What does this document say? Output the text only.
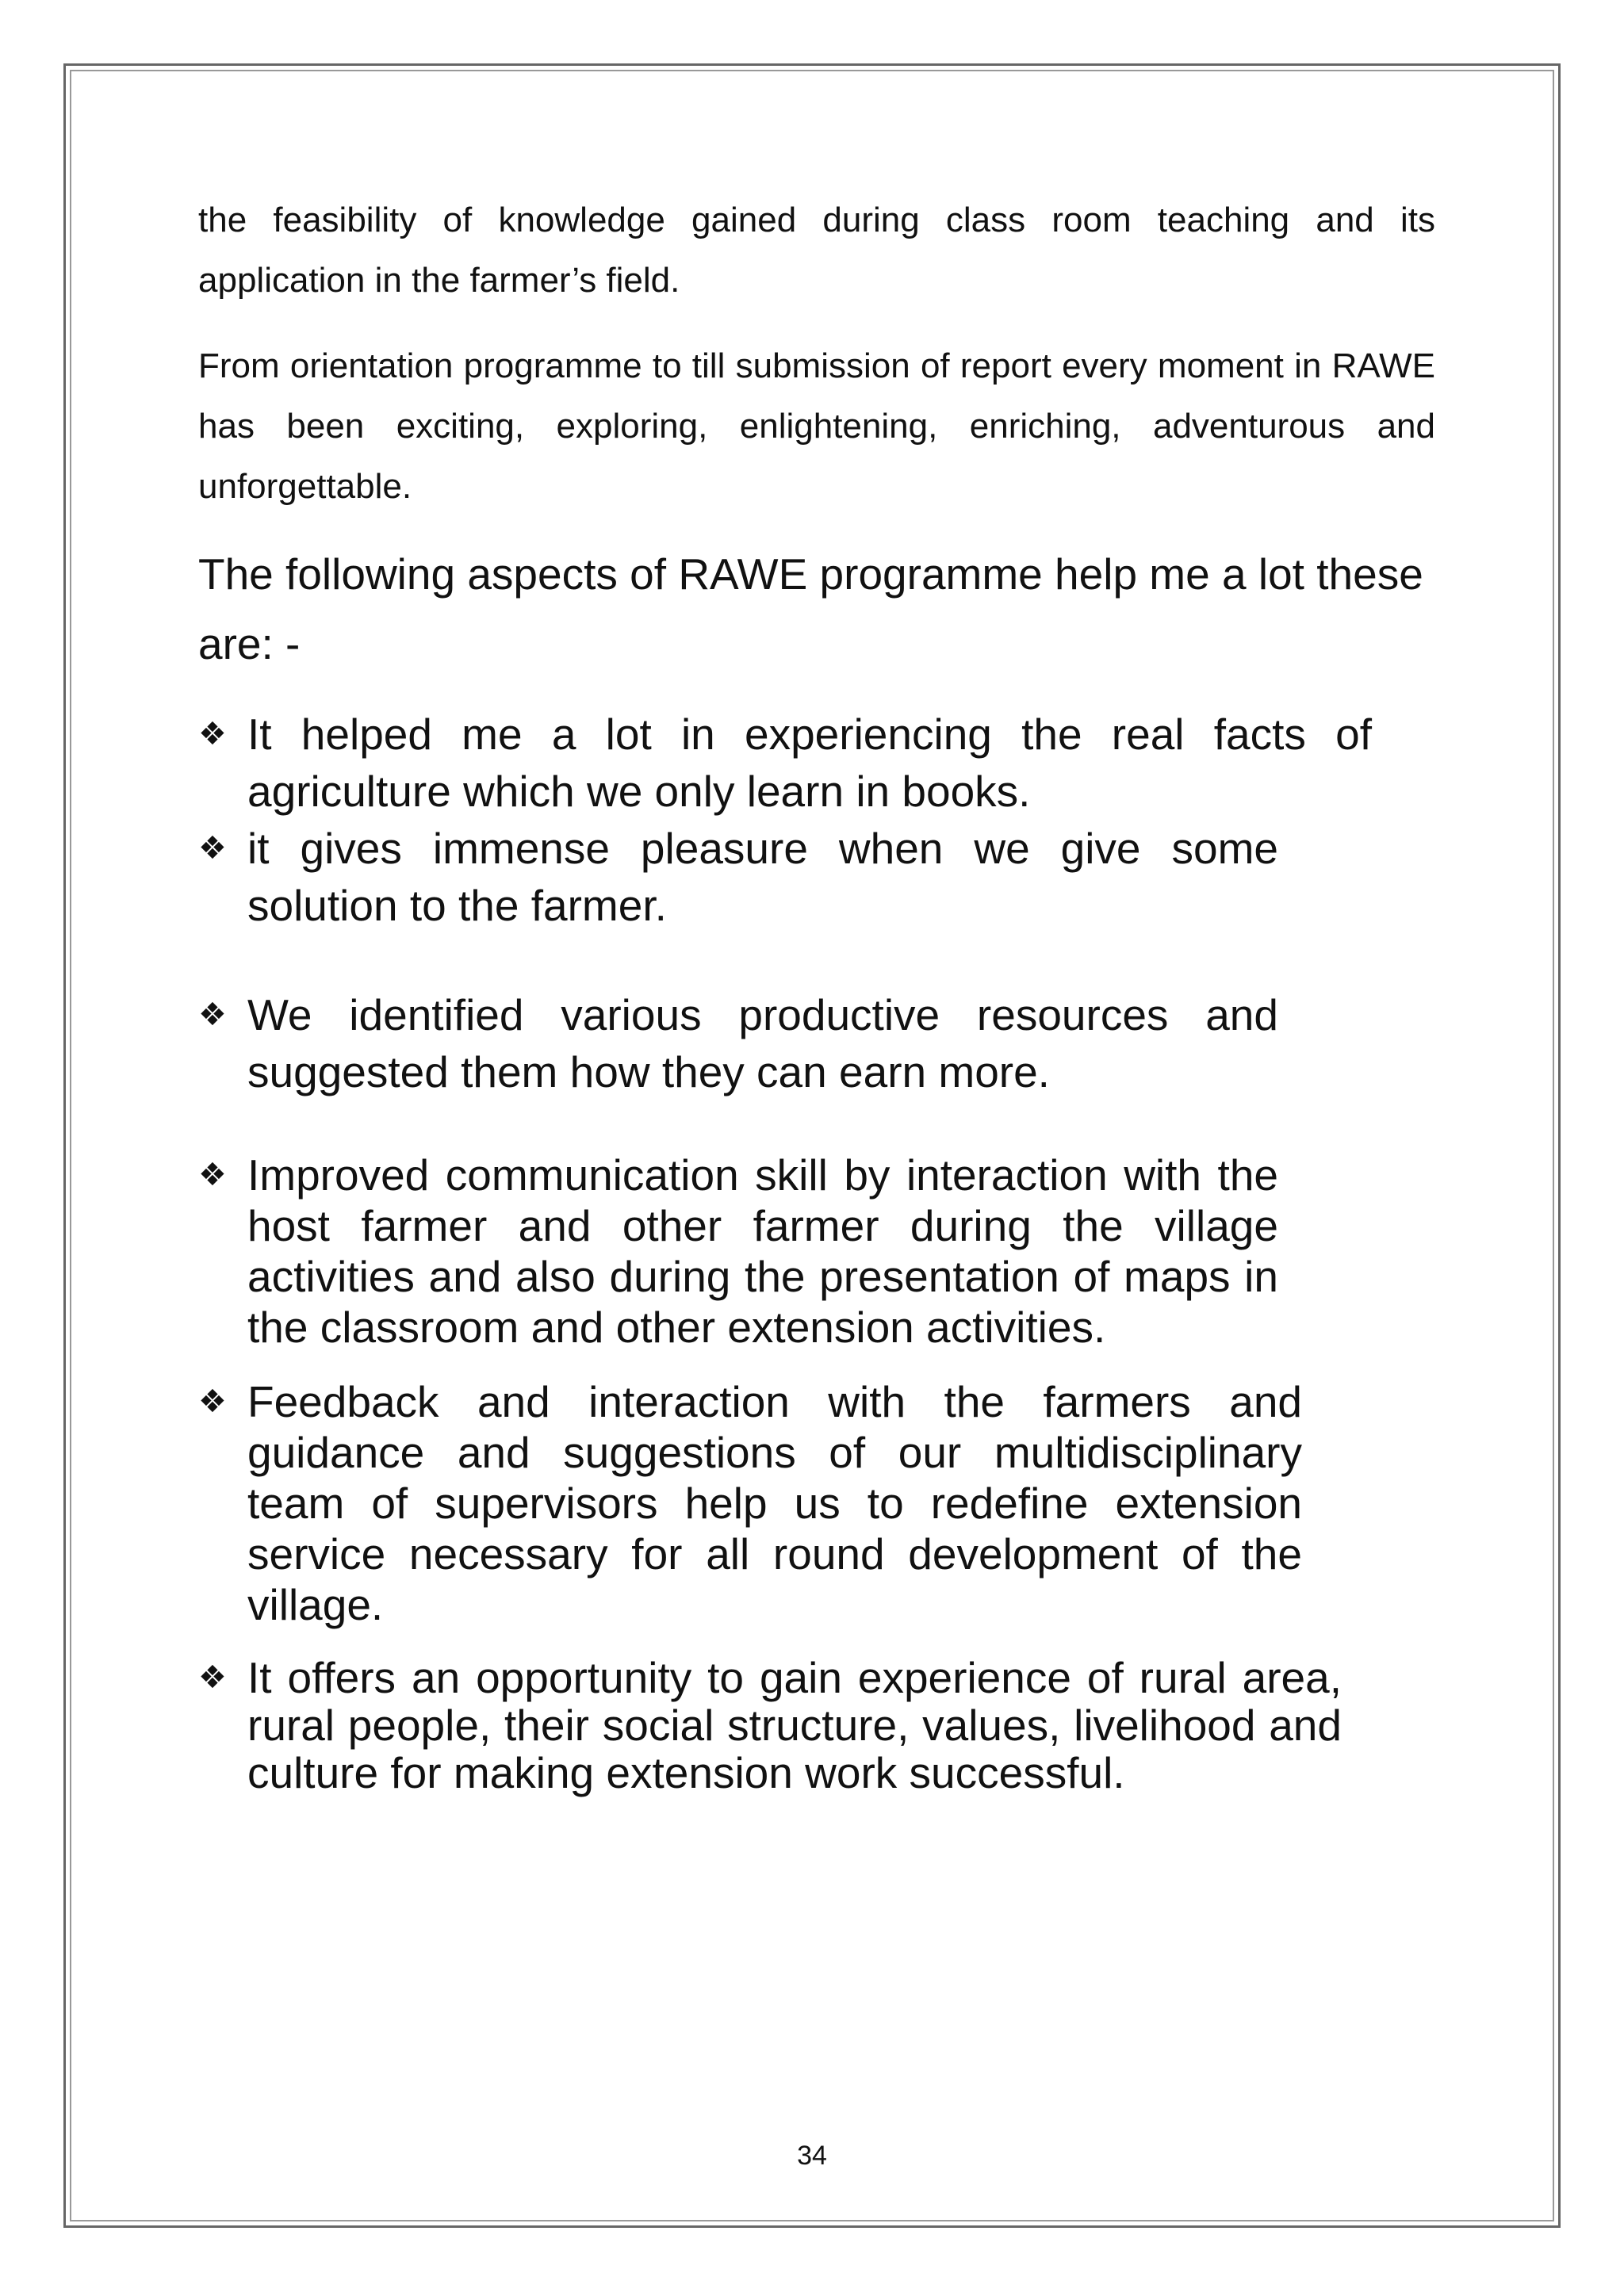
the feasibility of knowledge gained during class room teaching and its application in the farmer’s field.

From orientation programme to till submission of report every moment in RAWE has been exciting, exploring, enlightening, enriching, adventurous and unforgettable.

The following aspects of RAWE programme help me a lot these are: -

❖ It helped me a lot in experiencing the real facts of agriculture which we only learn in books.
❖ it gives immense pleasure when we give some solution to the farmer.
❖ We identified various productive resources and suggested them how they can earn more.
❖ Improved communication skill by interaction with the host farmer and other farmer during the village activities and also during the presentation of maps in the classroom and other extension activities.
❖ Feedback and interaction with the farmers and guidance and suggestions of our multidisciplinary team of supervisors help us to redefine extension service necessary for all round development of the village.
❖ It offers an opportunity to gain experience of rural area, rural people, their social structure, values, livelihood and culture for making extension work successful.
34
